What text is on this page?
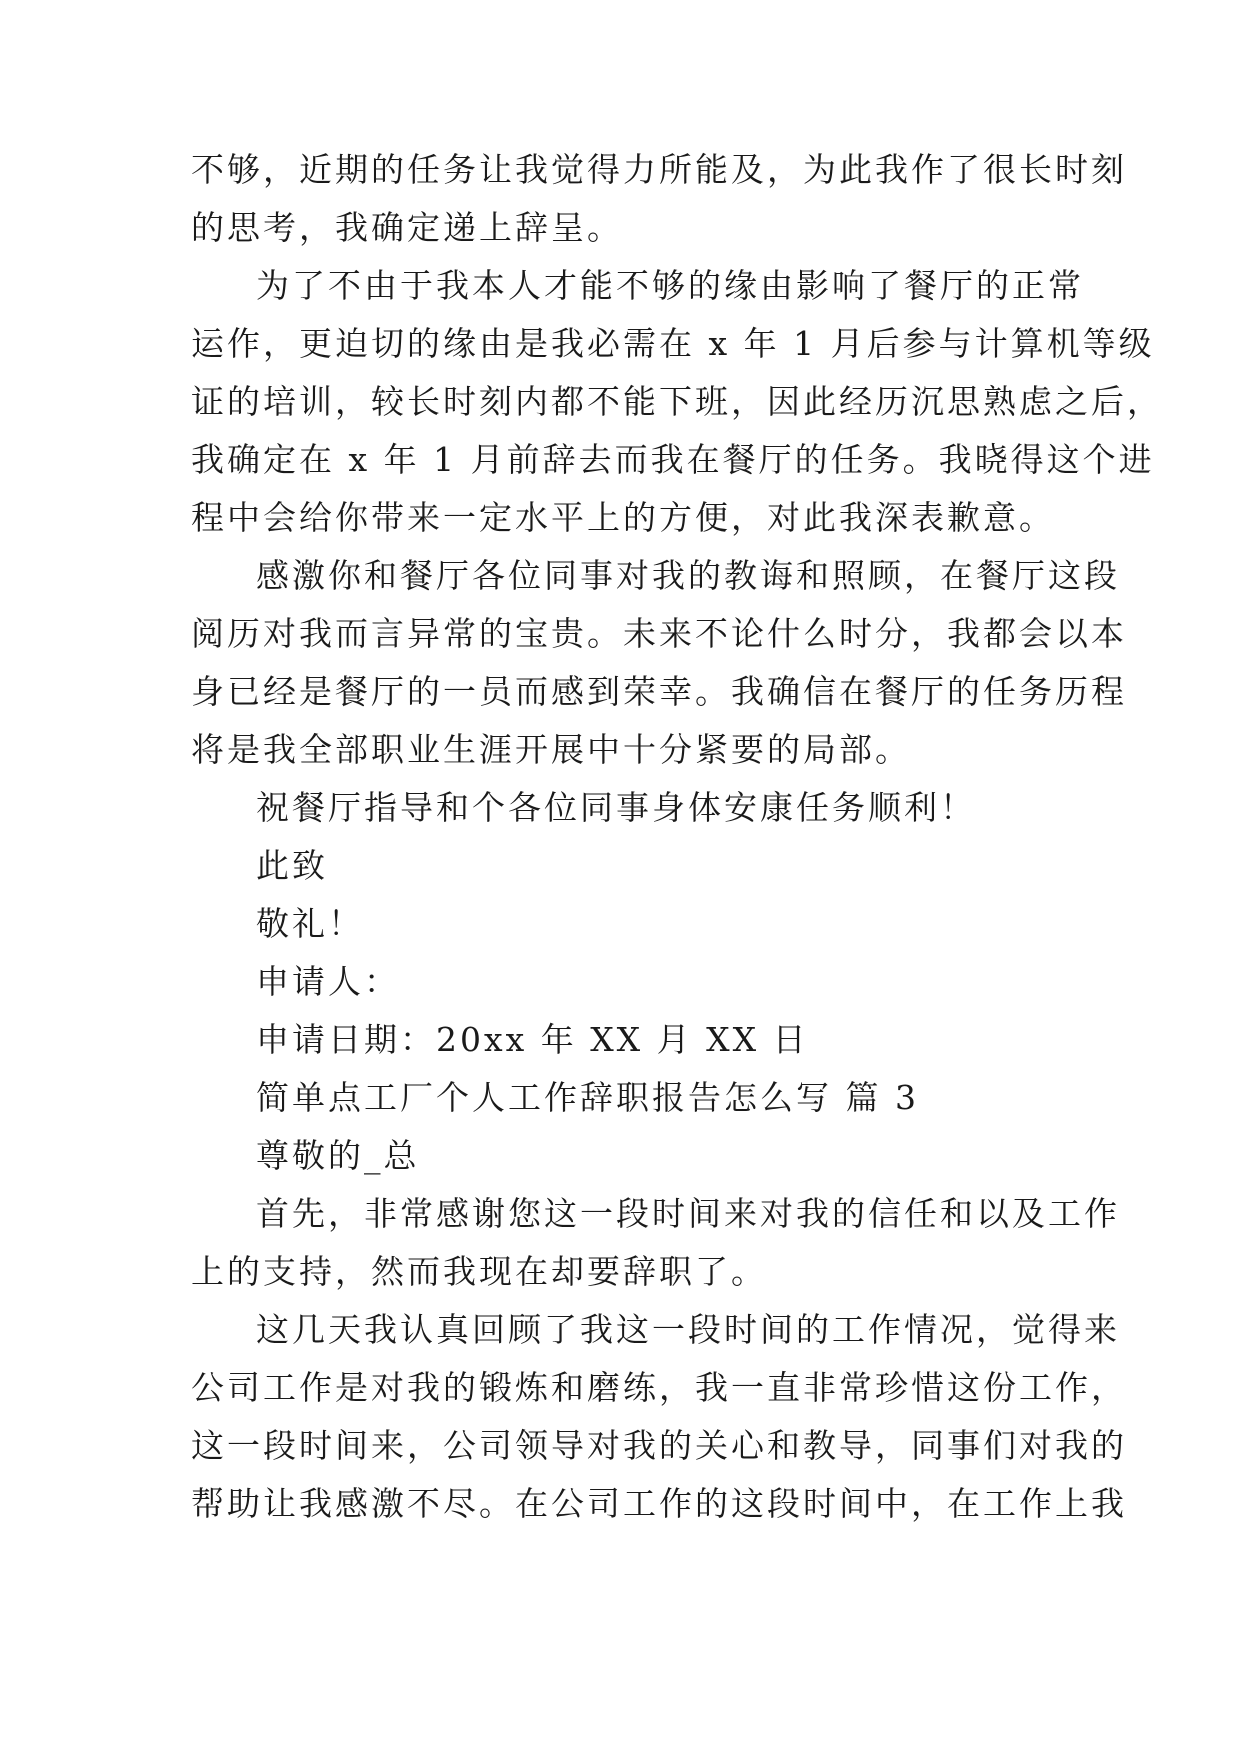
不够，近期的任务让我觉得力所能及，为此我作了很长时刻
的思考，我确定递上辞呈。
为了不由于我本人才能不够的缘由影响了餐厅的正常
运作，更迫切的缘由是我必需在 x 年 1 月后参与计算机等级
证的培训，较长时刻内都不能下班，因此经历沉思熟虑之后，
我确定在 x 年 1 月前辞去而我在餐厅的任务。我晓得这个进
程中会给你带来一定水平上的方便，对此我深表歉意。
感激你和餐厅各位同事对我的教诲和照顾，在餐厅这段
阅历对我而言异常的宝贵。未来不论什么时分，我都会以本
身已经是餐厅的一员而感到荣幸。我确信在餐厅的任务历程
将是我全部职业生涯开展中十分紧要的局部。
祝餐厅指导和个各位同事身体安康任务顺利！
此致
敬礼！
申请人：
申请日期：20xx 年 XX 月 XX 日
简单点工厂个人工作辞职报告怎么写 篇 3
尊敬的_总
首先，非常感谢您这一段时间来对我的信任和以及工作
上的支持，然而我现在却要辞职了。
这几天我认真回顾了我这一段时间的工作情况，觉得来
公司工作是对我的锻炼和磨练，我一直非常珍惜这份工作，
这一段时间来，公司领导对我的关心和教导，同事们对我的
帮助让我感激不尽。在公司工作的这段时间中，在工作上我
